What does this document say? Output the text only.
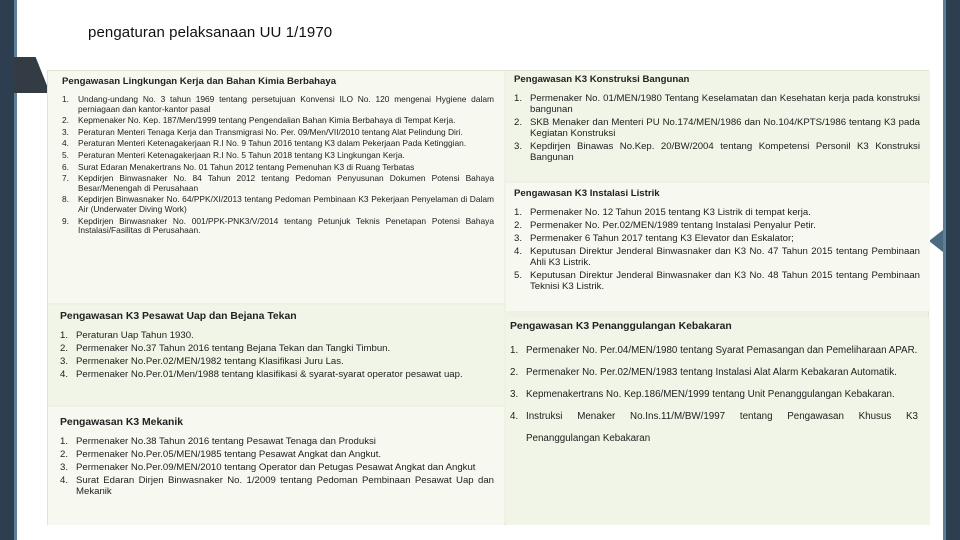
pengaturan pelaksanaan UU 1/1970
Pengawasan Lingkungan Kerja dan Bahan Kimia Berbahaya
1.	Undang-undang No. 3 tahun 1969 tentang persetujuan Konvensi ILO No. 120 mengenai Hygiene dalam perniagaan dan kantor-kantor pasal
2.	Kepmenaker No. Kep. 187/Men/1999 tentang Pengendalian Bahan Kimia Berbahaya di Tempat Kerja.
3.	Peraturan Menteri Tenaga Kerja dan Transmigrasi No. Per. 09/Men/VII/2010 tentang Alat Pelindung Diri.
4.	Peraturan Menteri Ketenagakerjaan R.I No. 9 Tahun 2016 tentang K3 dalam Pekerjaan Pada Ketinggian.
5.	Peraturan Menteri Ketenagakerjaan R.I No. 5 Tahun 2018 tentang K3 Lingkungan Kerja.
6.	Surat Edaran Menakertrans No. 01 Tahun 2012 tentang Pemenuhan K3 di Ruang Terbatas
7.	Kepdirjen Binwasnaker No. 84 Tahun 2012 tentang Pedoman Penyusunan Dokumen Potensi Bahaya Besar/Menengah di Perusahaan
8.	Kepdirjen Binwasnaker No. 64/PPK/XI/2013 tentang Pedoman Pembinaan K3 Pekerjaan Penyelaman di Dalam Air (Underwater Diving Work)
9.	Kepdirjen Binwasnaker No. 001/PPK-PNK3/V/2014 tentang Petunjuk Teknis Penetapan Potensi Bahaya Instalasi/Fasilitas di Perusahaan.
Pengawasan K3 Pesawat Uap dan Bejana Tekan
1. Peraturan Uap Tahun 1930.
2. Permenaker No.37 Tahun 2016 tentang Bejana Tekan dan Tangki Timbun.
3. Permenaker No.Per.02/MEN/1982 tentang Klasifikasi Juru Las.
4. Permenaker No.Per.01/Men/1988 tentang klasifikasi & syarat-syarat operator pesawat uap.
Pengawasan K3 Mekanik
1. Permenaker No.38 Tahun 2016 tentang Pesawat Tenaga dan Produksi
2. Permenaker No.Per.05/MEN/1985 tentang Pesawat Angkat dan Angkut.
3. Permenaker No.Per.09/MEN/2010 tentang Operator dan Petugas Pesawat Angkat dan Angkut
4. Surat Edaran Dirjen Binwasnaker No. 1/2009 tentang Pedoman Pembinaan Pesawat Uap dan Mekanik
Pengawasan K3 Konstruksi Bangunan
1. Permenaker No. 01/MEN/1980 Tentang Keselamatan dan Kesehatan kerja pada konstruksi bangunan
2. SKB Menaker dan Menteri PU No.174/MEN/1986 dan No.104/KPTS/1986 tentang K3 pada Kegiatan Konstruksi
3. Kepdirjen Binawas No.Kep. 20/BW/2004 tentang Kompetensi Personil K3 Konstruksi Bangunan
Pengawasan K3 Instalasi Listrik
1. Permenaker No. 12 Tahun 2015 tentang K3 Listrik di tempat kerja.
2. Permenaker No. Per.02/MEN/1989 tentang Instalasi Penyalur Petir.
3. Permenaker 6 Tahun 2017 tentang K3 Elevator dan Eskalator;
4. Keputusan Direktur Jenderal Binwasnaker dan K3 No. 47 Tahun 2015 tentang Pembinaan Ahli K3 Listrik.
5. Keputusan Direktur Jenderal Binwasnaker dan K3 No. 48 Tahun 2015 tentang Pembinaan Teknisi K3 Listrik.
Pengawasan K3 Penanggulangan Kebakaran
1. Permenaker No. Per.04/MEN/1980 tentang Syarat Pemasangan dan Pemeliharaan APAR.
2. Permenaker No. Per.02/MEN/1983 tentang Instalasi Alat Alarm Kebakaran Automatik.
3. Kepmenakertrans No. Kep.186/MEN/1999 tentang Unit Penanggulangan Kebakaran.
4. Instruksi Menaker No.Ins.11/M/BW/1997 tentang Pengawasan Khusus K3 Penanggulangan Kebakaran
